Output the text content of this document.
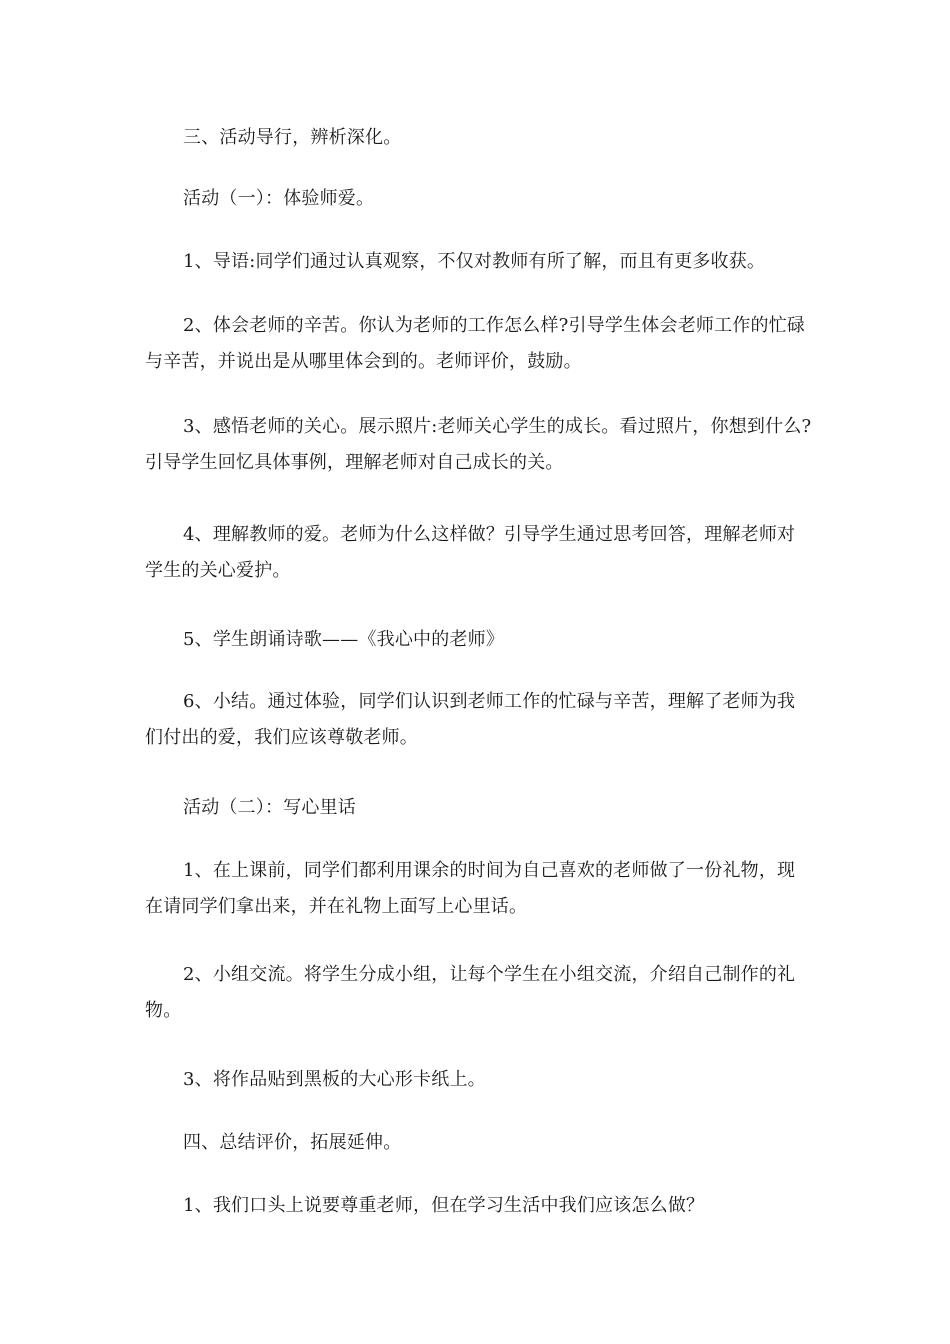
三、活动导行，辨析深化。

活动（一）：体验师爱。

1、导语:同学们通过认真观察，不仅对教师有所了解，而且有更多收获。

2、体会老师的辛苦。你认为老师的工作怎么样?引导学生体会老师工作的忙碌与辛苦，并说出是从哪里体会到的。老师评价，鼓励。

3、感悟老师的关心。展示照片:老师关心学生的成长。看过照片，你想到什么?引导学生回忆具体事例，理解老师对自己成长的关。

4、理解教师的爱。老师为什么这样做？引导学生通过思考回答，理解老师对学生的关心爱护。

5、学生朗诵诗歌——《我心中的老师》

6、小结。通过体验，同学们认识到老师工作的忙碌与辛苦，理解了老师为我们付出的爱，我们应该尊敬老师。

活动（二）：写心里话

1、在上课前，同学们都利用课余的时间为自己喜欢的老师做了一份礼物，现在请同学们拿出来，并在礼物上面写上心里话。

2、小组交流。将学生分成小组，让每个学生在小组交流，介绍自己制作的礼物。

3、将作品贴到黑板的大心形卡纸上。

四、总结评价，拓展延伸。

1、我们口头上说要尊重老师，但在学习生活中我们应该怎么做？
